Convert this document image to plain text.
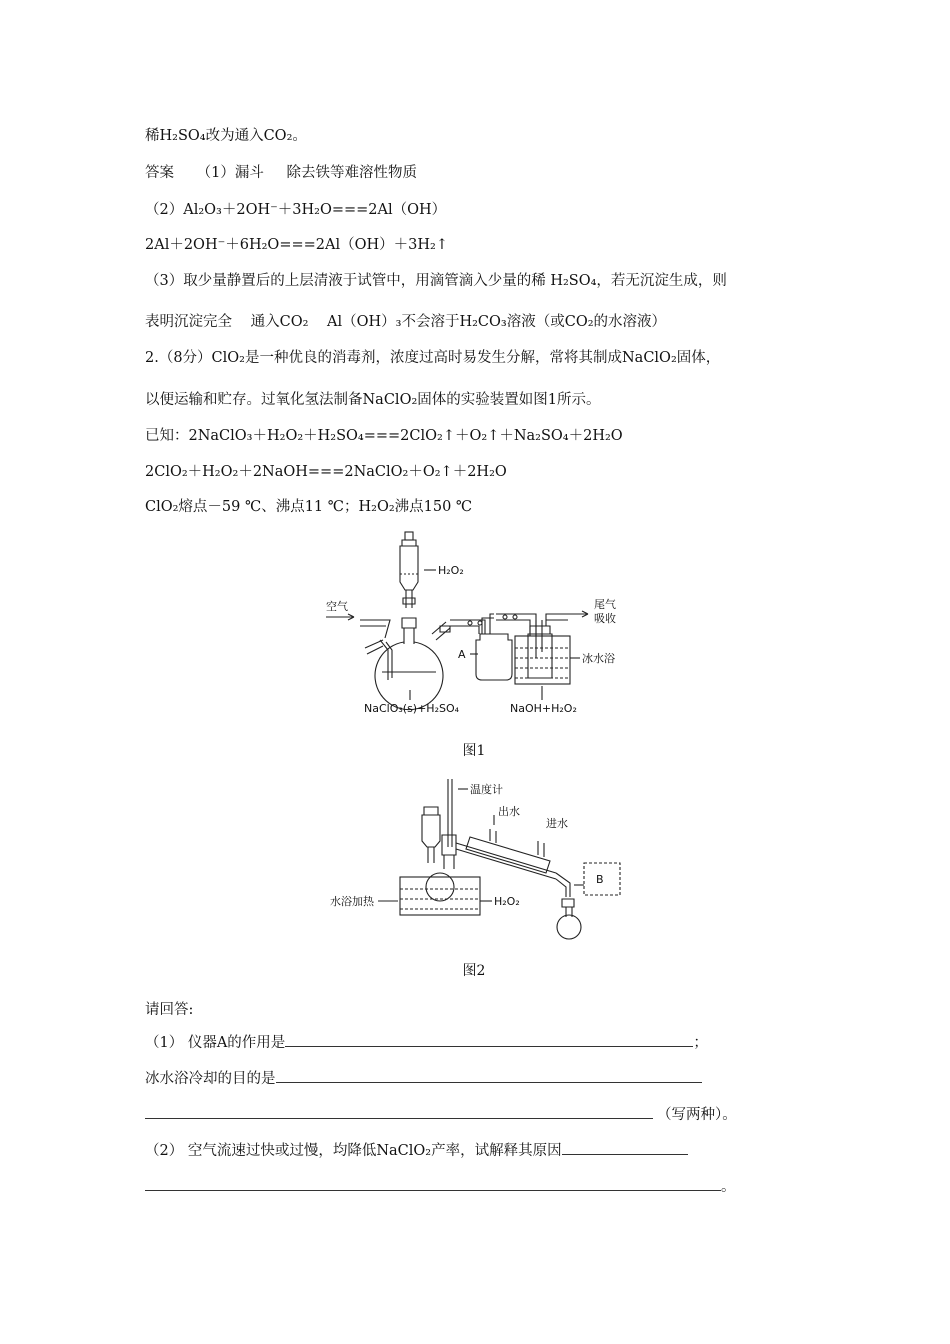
稀H₂SO₄改为通入CO₂。
答案 （1）漏斗 除去铁等难溶性物质
（2）Al₂O₃＋2OH⁻＋3H₂O===2Al（OH）
2Al＋2OH⁻＋6H₂O===2Al（OH）＋3H₂↑
（3）取少量静置后的上层清液于试管中，用滴管滴入少量的稀 H₂SO₄，若无沉淀生成，则
表明沉淀完全 通入CO₂ Al（OH）₃不会溶于H₂CO₃溶液（或CO₂的水溶液）
2.（8分）ClO₂是一种优良的消毒剂，浓度过高时易发生分解，常将其制成NaClO₂固体，
以便运输和贮存。过氧化氢法制备NaClO₂固体的实验装置如图1所示。
已知：2NaClO₃＋H₂O₂＋H₂SO₄===2ClO₂↑＋O₂↑＋Na₂SO₄＋2H₂O
2ClO₂＋H₂O₂＋2NaOH===2NaClO₂＋O₂↑＋2H₂O
ClO₂熔点－59 ℃、沸点11 ℃；H₂O₂沸点150 ℃
H₂O₂
空气	尾气
吸收
A	冰水浴
NaClO₃(s)+H₂SO₄	NaOH+H₂O₂
图1
温度计
出水
进水
B
水浴加热	H₂O₂
图2
请回答:
（1） 仪器A的作用是	；
冰水浴冷却的目的是
（写两种）。
（2） 空气流速过快或过慢，均降低NaClO₂产率，试解释其原因
。
